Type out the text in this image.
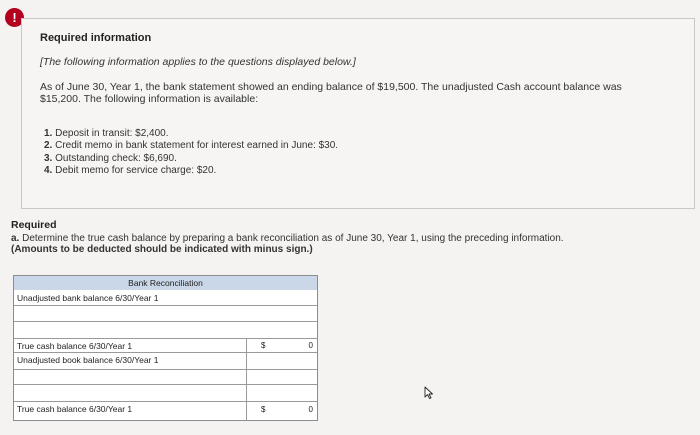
!
Required information
[The following information applies to the questions displayed below.]
As of June 30, Year 1, the bank statement showed an ending balance of $19,500. The unadjusted Cash account balance was $15,200. The following information is available:
1. Deposit in transit: $2,400.
2. Credit memo in bank statement for interest earned in June: $30.
3. Outstanding check: $6,690.
4. Debit memo for service charge: $20.
Required
a. Determine the true cash balance by preparing a bank reconciliation as of June 30, Year 1, using the preceding information.
(Amounts to be deducted should be indicated with minus sign.)
Bank Reconciliation
Unadjusted bank balance 6/30/Year 1
True cash balance 6/30/Year 1	$	0
Unadjusted book balance 6/30/Year 1
True cash balance 6/30/Year 1	$	0
